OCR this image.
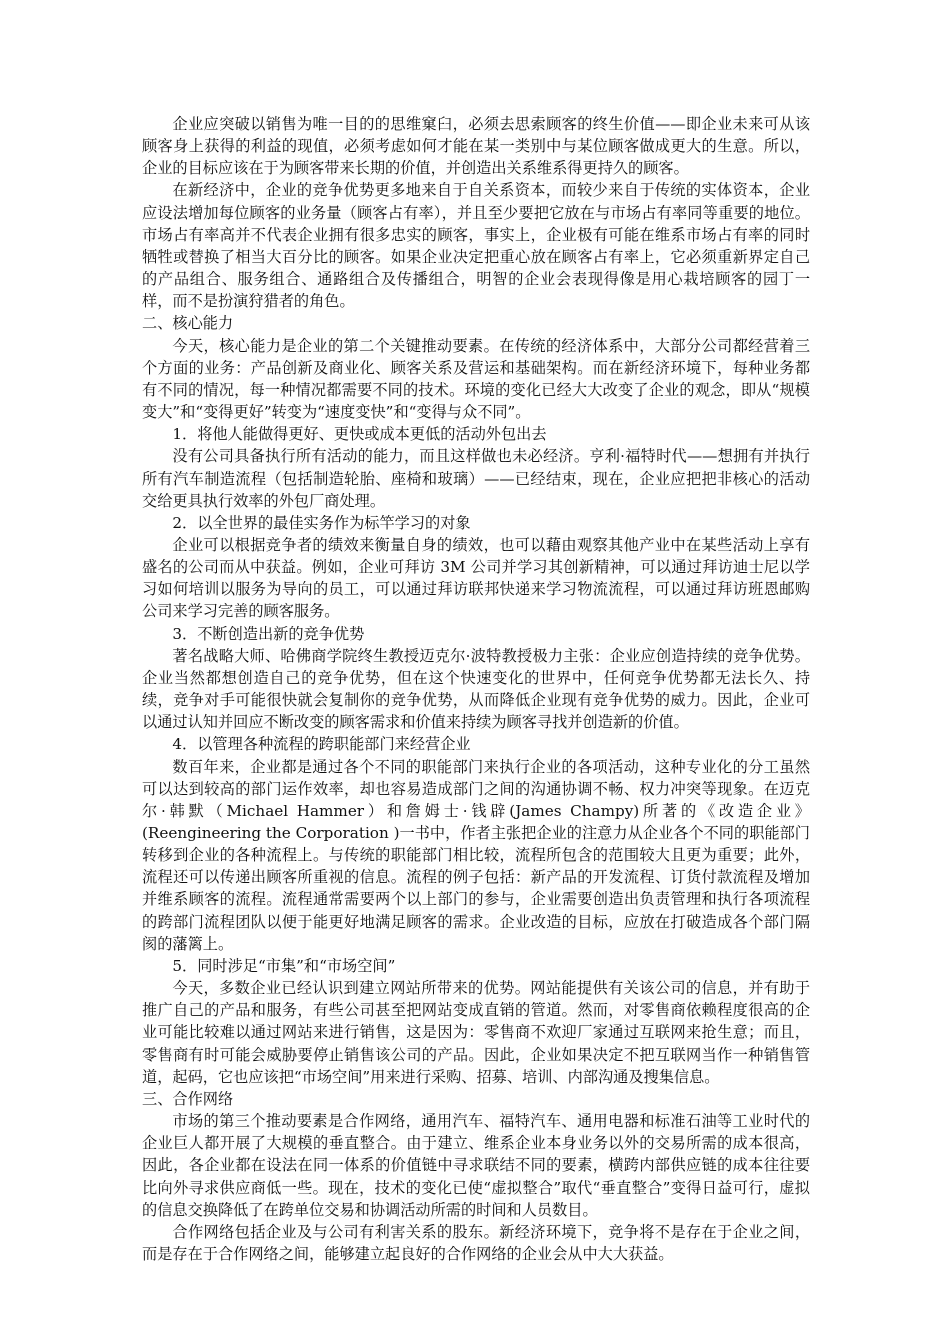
企业应突破以销售为唯一目的的思维窠臼，必须去思索顾客的终生价值——即企业未来可从该顾客身上获得的利益的现值，必须考虑如何才能在某一类别中与某位顾客做成更大的生意。所以，企业的目标应该在于为顾客带来长期的价值，并创造出关系维系得更持久的顾客。

在新经济中，企业的竞争优势更多地来自于自关系资本，而较少来自于传统的实体资本，企业应设法增加每位顾客的业务量（顾客占有率），并且至少要把它放在与市场占有率同等重要的地位。市场占有率高并不代表企业拥有很多忠实的顾客，事实上，企业极有可能在维系市场占有率的同时牺牲或替换了相当大百分比的顾客。如果企业决定把重心放在顾客占有率上，它必须重新界定自己的产品组合、服务组合、通路组合及传播组合，明智的企业会表现得像是用心栽培顾客的园丁一样，而不是扮演狩猎者的角色。

二、核心能力

今天，核心能力是企业的第二个关键推动要素。在传统的经济体系中，大部分公司都经营着三个方面的业务：产品创新及商业化、顾客关系及营运和基础架构。而在新经济环境下，每种业务都有不同的情况，每一种情况都需要不同的技术。环境的变化已经大大改变了企业的观念，即从“规模变大”和“变得更好”转变为“速度变快”和“变得与众不同”。

1．将他人能做得更好、更快或成本更低的活动外包出去

没有公司具备执行所有活动的能力，而且这样做也未必经济。亨利·福特时代——想拥有并执行所有汽车制造流程（包括制造轮胎、座椅和玻璃）——已经结束，现在，企业应把把非核心的活动交给更具执行效率的外包厂商处理。

2．以全世界的最佳实务作为标竿学习的对象

企业可以根据竞争者的绩效来衡量自身的绩效，也可以藉由观察其他产业中在某些活动上享有盛名的公司而从中获益。例如，企业可拜访 3M 公司并学习其创新精神，可以通过拜访迪士尼以学习如何培训以服务为导向的员工，可以通过拜访联邦快递来学习物流流程，可以通过拜访班恩邮购公司来学习完善的顾客服务。

3．不断创造出新的竞争优势

著名战略大师、哈佛商学院终生教授迈克尔·波特教授极力主张：企业应创造持续的竞争优势。企业当然都想创造自己的竞争优势，但在这个快速变化的世界中，任何竞争优势都无法长久、持续，竞争对手可能很快就会复制你的竞争优势，从而降低企业现有竞争优势的威力。因此，企业可以通过认知并回应不断改变的顾客需求和价值来持续为顾客寻找并创造新的价值。

4．以管理各种流程的跨职能部门来经营企业

数百年来，企业都是通过各个不同的职能部门来执行企业的各项活动，这种专业化的分工虽然可以达到较高的部门运作效率，却也容易造成部门之间的沟通协调不畅、权力冲突等现象。在迈克尔·韩默（Michael Hammer）和詹姆士·钱辟(James Champy)所著的《改造企业》(Reengineering the Corporation )一书中，作者主张把企业的注意力从企业各个不同的职能部门转移到企业的各种流程上。与传统的职能部门相比较，流程所包含的范围较大且更为重要；此外，流程还可以传递出顾客所重视的信息。流程的例子包括：新产品的开发流程、订货付款流程及增加并维系顾客的流程。流程通常需要两个以上部门的参与，企业需要创造出负责管理和执行各项流程的跨部门流程团队以便于能更好地满足顾客的需求。企业改造的目标，应放在打破造成各个部门隔阂的藩篱上。

5．同时涉足“市集”和“市场空间”

今天，多数企业已经认识到建立网站所带来的优势。网站能提供有关该公司的信息，并有助于推广自己的产品和服务，有些公司甚至把网站变成直销的管道。然而，对零售商依赖程度很高的企业可能比较难以通过网站来进行销售，这是因为：零售商不欢迎厂家通过互联网来抢生意；而且，零售商有时可能会威胁要停止销售该公司的产品。因此，企业如果决定不把互联网当作一种销售管道，起码，它也应该把“市场空间”用来进行采购、招募、培训、内部沟通及搜集信息。

三、合作网络

市场的第三个推动要素是合作网络，通用汽车、福特汽车、通用电器和标准石油等工业时代的企业巨人都开展了大规模的垂直整合。由于建立、维系企业本身业务以外的交易所需的成本很高，因此，各企业都在设法在同一体系的价值链中寻求联结不同的要素，横跨内部供应链的成本往往要比向外寻求供应商低一些。现在，技术的变化已使“虚拟整合”取代“垂直整合”变得日益可行，虚拟的信息交换降低了在跨单位交易和协调活动所需的时间和人员数目。

合作网络包括企业及与公司有利害关系的股东。新经济环境下，竞争将不是存在于企业之间，而是存在于合作网络之间，能够建立起良好的合作网络的企业会从中大大获益。
